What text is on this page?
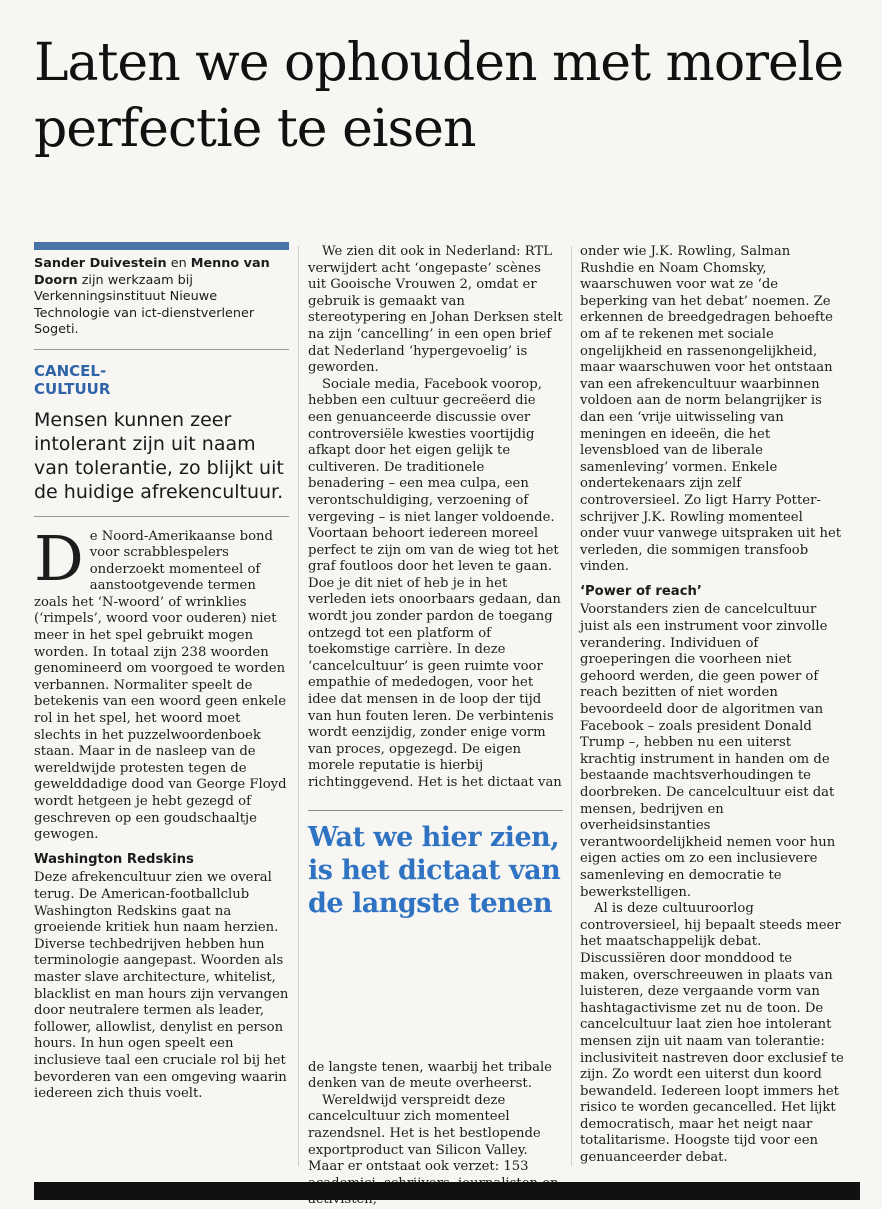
Laten we ophouden met morele perfectie te eisen

Sander Duivestein en Menno van Doorn zijn werkzaam bij Verkenningsinstituut Nieuwe Technologie van ict-dienstverlener Sogeti.

CANCEL-CULTUUR

Mensen kunnen zeer intolerant zijn uit naam van tolerantie, zo blijkt uit de huidige afrekencultuur.

De Noord-Amerikaanse bond voor scrabblespelers onderzoekt momenteel of aanstootgevende termen zoals het ‘N-woord’ of wrinklies (‘rimpels’, woord voor ouderen) niet meer in het spel gebruikt mogen worden. In totaal zijn 238 woorden genomineerd om voorgoed te worden verbannen. Normaliter speelt de betekenis van een woord geen enkele rol in het spel, het woord moet slechts in het puzzelwoordenboek staan. Maar in de nasleep van de wereldwijde protesten tegen de gewelddadige dood van George Floyd wordt hetgeen je hebt gezegd of geschreven op een goudschaaltje gewogen.

Washington Redskins

Deze afrekencultuur zien we overal terug. De American-footballclub Washington Redskins gaat na groeiende kritiek hun naam herzien. Diverse techbedrijven hebben hun terminologie aangepast. Woorden als master slave architecture, whitelist, blacklist en man hours zijn vervangen door neutralere termen als leader, follower, allowlist, denylist en person hours. In hun ogen speelt een inclusieve taal een cruciale rol bij het bevorderen van een omgeving waarin iedereen zich thuis voelt.

We zien dit ook in Nederland: RTL verwijdert acht ‘ongepaste’ scènes uit Gooische Vrouwen 2, omdat er gebruik is gemaakt van stereotypering en Johan Derksen stelt na zijn ‘cancelling’ in een open brief dat Nederland ‘hypergevoelig’ is geworden.

Sociale media, Facebook voorop, hebben een cultuur gecreëerd die een genuanceerde discussie over controversiële kwesties voortijdig afkapt door het eigen gelijk te cultiveren. De traditionele benadering – een mea culpa, een verontschuldiging, verzoening of vergeving – is niet langer voldoende. Voortaan behoort iedereen moreel perfect te zijn om van de wieg tot het graf foutloos door het leven te gaan. Doe je dit niet of heb je in het verleden iets onoorbaars gedaan, dan wordt jou zonder pardon de toegang ontzegd tot een platform of toekomstige carrière. In deze ‘cancelcultuur’ is geen ruimte voor empathie of mededogen, voor het idee dat mensen in de loop der tijd van hun fouten leren. De verbintenis wordt eenzijdig, zonder enige vorm van proces, opgezegd. De eigen morele reputatie is hierbij richtinggevend. Het is het dictaat van

Wat we hier zien, is het dictaat van de langste tenen

de langste tenen, waarbij het tribale denken van de meute overheerst.

Wereldwijd verspreidt deze cancelcultuur zich momenteel razendsnel. Het is het bestlopende exportproduct van Silicon Valley. Maar er ontstaat ook verzet: 153

onder wie J.K. Rowling, Salman Rushdie en Noam Chomsky, waarschuwen voor wat ze ‘de beperking van het debat’ noemen. Ze erkennen de breedgedragen behoefte om af te rekenen met sociale ongelijkheid en rassenongelijkheid, maar waarschuwen voor het ontstaan van een afrekencultuur waarbinnen voldoen aan de norm belangrijker is dan een ‘vrije uitwisseling van meningen en ideeën, die het levensbloed van de liberale samenleving’ vormen. Enkele ondertekenaars zijn zelf controversieel. Zo ligt Harry Potter-schrijver J.K. Rowling momenteel onder vuur vanwege uitspraken uit het verleden, die sommigen transfoob vinden.

‘Power of reach’

Voorstanders zien de cancelcultuur juist als een instrument voor zinvolle verandering. Individuen of groeperingen die voorheen niet gehoord werden, die geen power of reach bezitten of niet worden bevoordeeld door de algoritmen van Facebook – zoals president Donald Trump –, hebben nu een uiterst krachtig instrument in handen om de bestaande machtsverhoudingen te doorbreken. De cancelcultuur eist dat mensen, bedrijven en overheidsinstanties verantwoordelijkheid nemen voor hun eigen acties om zo een inclusievere samenleving en democratie te bewerkstelligen.

Al is deze cultuuroorlog controversieel, hij bepaalt steeds meer het maatschappelijk debat. Discussiëren door monddood te maken, overschreeuwen in plaats van luisteren, deze vergaande vorm van hashtagactivisme zet nu de toon. De cancelcultuur laat zien hoe intolerant mensen zijn uit naam van tolerantie: inclusiviteit nastreven door exclusief te zijn. Zo wordt een uiterst dun koord bewandeld. Iedereen loopt immers het risico te worden gecancelled. Het lijkt democratisch, maar het neigt naar totalitarisme. Hoogste tijd voor een genuanceerder debat.
